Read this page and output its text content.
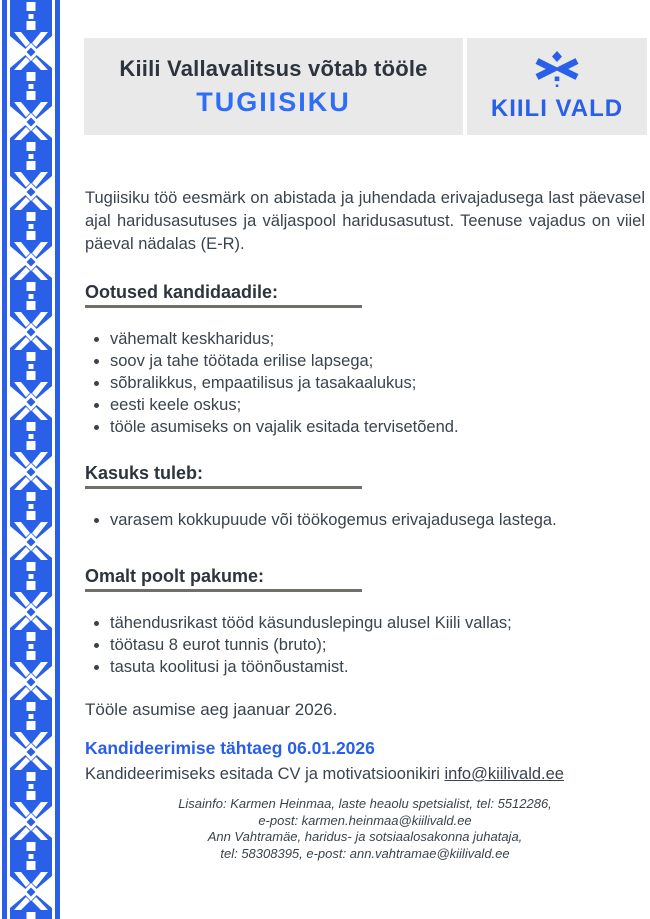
Kiili Vallavalitsus võtab tööle
TUGIISIKU	KIILI VALD

Tugiisiku töö eesmärk on abistada ja juhendada erivajadusega last päevasel ajal haridusasutuses ja väljaspool haridusasutust. Teenuse vajadus on viiel päeval nädalas (E-R).

Ootused kandidaadile:
• vähemalt keskharidus;
• soov ja tahe töötada erilise lapsega;
• sõbralikkus, empaatilisus ja tasakaalukus;
• eesti keele oskus;
• tööle asumiseks on vajalik esitada tervisetõend.
Kasuks tuleb:
• varasem kokkupuude või töökogemus erivajadusega lastega.
Omalt poolt pakume:
• tähendusrikast tööd käsunduslepingu alusel Kiili vallas;
• töötasu 8 eurot tunnis (bruto);
• tasuta koolitusi ja töönõustamist.

Tööle asumise aeg jaanuar 2026.

Kandideerimise tähtaeg 06.01.2026

Kandideerimiseks esitada CV ja motivatsioonikiri info@kiilivald.ee

Lisainfo: Karmen Heinmaa, laste heaolu spetsialist, tel: 5512286,
e-post: karmen.heinmaa@kiilivald.ee
Ann Vahtramäe, haridus- ja sotsiaalosakonna juhataja,
tel: 58308395, e-post: ann.vahtramae@kiilivald.ee
